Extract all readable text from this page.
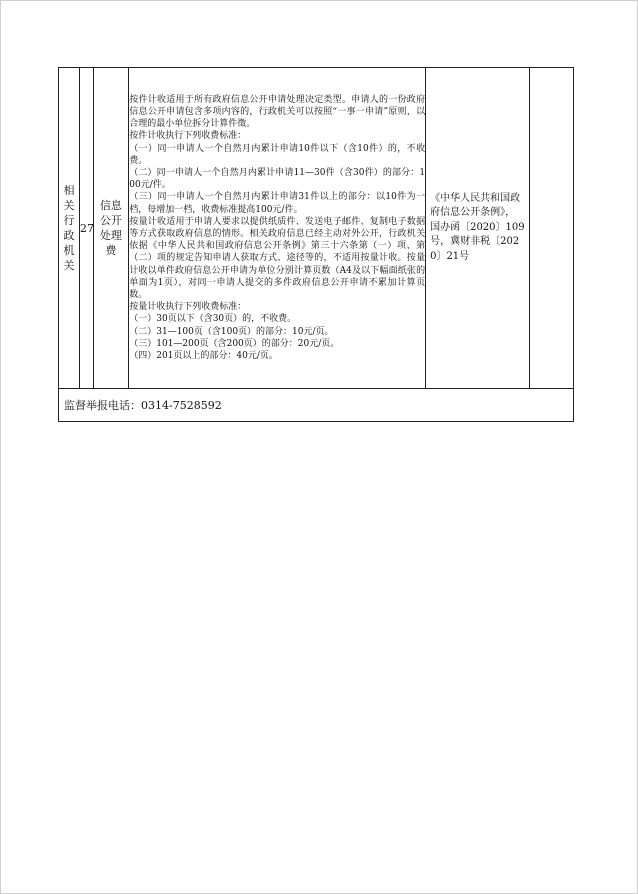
相关行政机关

27

信息公开处理费

按件计收适用于所有政府信息公开申请处理决定类型。申请人的一份政府信息公开申请包含多项内容的，行政机关可以按照“一事一申请”原则，以合理的最小单位拆分计算件徵。
按件计收执行下列收费标准：
（一）同一申请人一个自然月内累计申请10件以下（含10件）的，不收费。
（二）同一申请人一个自然月内累计申请11—30件（含30件）的部分：100元/件。
（三）同一申请人一个自然月内累计申请31件以上的部分：以10件为一档，每增加一档，收费标准提高100元/件。
按量计收适用于申请人要求以提供纸质件、发送电子邮件、复制电子数据等方式获取政府信息的情形。相关政府信息已经主动对外公开，行政机关依据《中华人民共和国政府信息公开条例》第三十六条第（一）项、第（二）项的规定告知申请人获取方式、途径等的，不适用按量计收。按量计收以单件政府信息公开申请为单位分别计算页数（A4及以下幅面纸张的单面为1页），对同一申请人提交的多件政府信息公开申请不累加计算页数。
按量计收执行下列收费标准：
（一）30页以下（含30页）的，不收费。
（二）31—100页（含100页）的部分：10元/页。
（三）101—200页（含200页）的部分：20元/页。
（四）201页以上的部分：40元/页。

《中华人民共和国政府信息公开条例》，国办函〔2020〕109号，冀财非税〔2020〕21号

监督举报电话：0314-7528592
